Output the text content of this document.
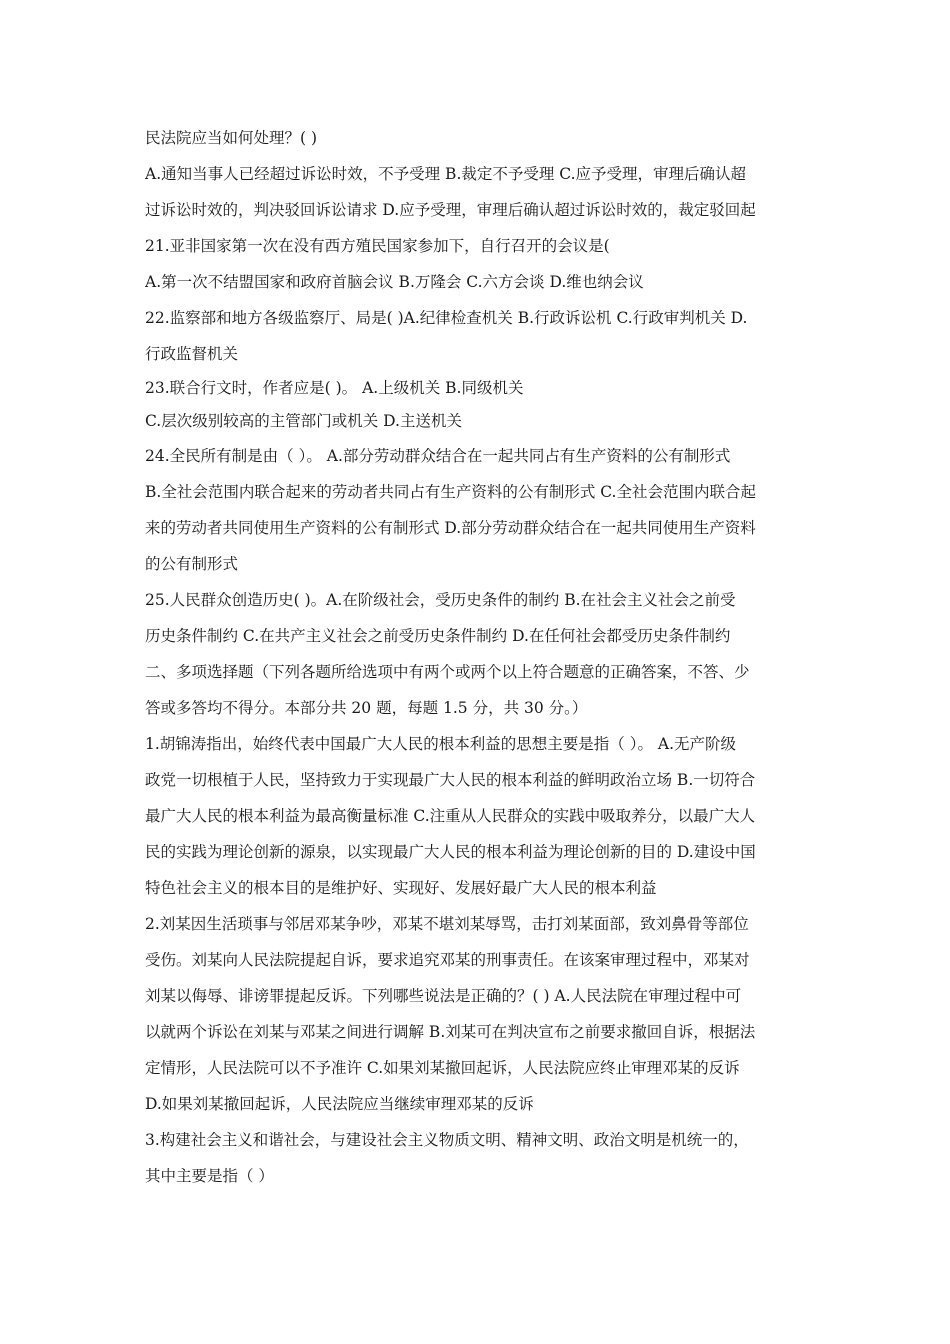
民法院应当如何处理？( )
A.通知当事人已经超过诉讼时效，不予受理 B.裁定不予受理 C.应予受理，审理后确认超
过诉讼时效的，判决驳回诉讼请求 D.应予受理，审理后确认超过诉讼时效的，裁定驳回起
21.亚非国家第一次在没有西方殖民国家参加下，自行召开的会议是(
A.第一次不结盟国家和政府首脑会议 B.万隆会 C.六方会谈 D.维也纳会议
22.监察部和地方各级监察厅、局是( )A.纪律检查机关 B.行政诉讼机 C.行政审判机关 D.
行政监督机关
23.联合行文时，作者应是( )。 A.上级机关 B.同级机关
C.层次级别较高的主管部门或机关 D.主送机关
24.全民所有制是由（ ）。 A.部分劳动群众结合在一起共同占有生产资料的公有制形式
B.全社会范围内联合起来的劳动者共同占有生产资料的公有制形式 C.全社会范围内联合起
来的劳动者共同使用生产资料的公有制形式 D.部分劳动群众结合在一起共同使用生产资料
的公有制形式
25.人民群众创造历史( )。A.在阶级社会，受历史条件的制约 B.在社会主义社会之前受
历史条件制约 C.在共产主义社会之前受历史条件制约 D.在任何社会都受历史条件制约
二、多项选择题（下列各题所给选项中有两个或两个以上符合题意的正确答案，不答、少
答或多答均不得分。本部分共 20 题，每题 1.5 分，共 30 分。）
1.胡锦涛指出，始终代表中国最广大人民的根本利益的思想主要是指（ ）。 A.无产阶级
政党一切根植于人民，坚持致力于实现最广大人民的根本利益的鲜明政治立场 B.一切符合
最广大人民的根本利益为最高衡量标准 C.注重从人民群众的实践中吸取养分，以最广大人
民的实践为理论创新的源泉，以实现最广大人民的根本利益为理论创新的目的 D.建设中国
特色社会主义的根本目的是维护好、实现好、发展好最广大人民的根本利益
2.刘某因生活琐事与邻居邓某争吵，邓某不堪刘某辱骂，击打刘某面部，致刘鼻骨等部位
受伤。刘某向人民法院提起自诉，要求追究邓某的刑事责任。在该案审理过程中，邓某对
刘某以侮辱、诽谤罪提起反诉。下列哪些说法是正确的？( ) A.人民法院在审理过程中可
以就两个诉讼在刘某与邓某之间进行调解 B.刘某可在判决宣布之前要求撤回自诉，根据法
定情形，人民法院可以不予准许 C.如果刘某撤回起诉，人民法院应终止审理邓某的反诉
D.如果刘某撤回起诉，人民法院应当继续审理邓某的反诉
3.构建社会主义和谐社会，与建设社会主义物质文明、精神文明、政治文明是机统一的，
其中主要是指（ ）
